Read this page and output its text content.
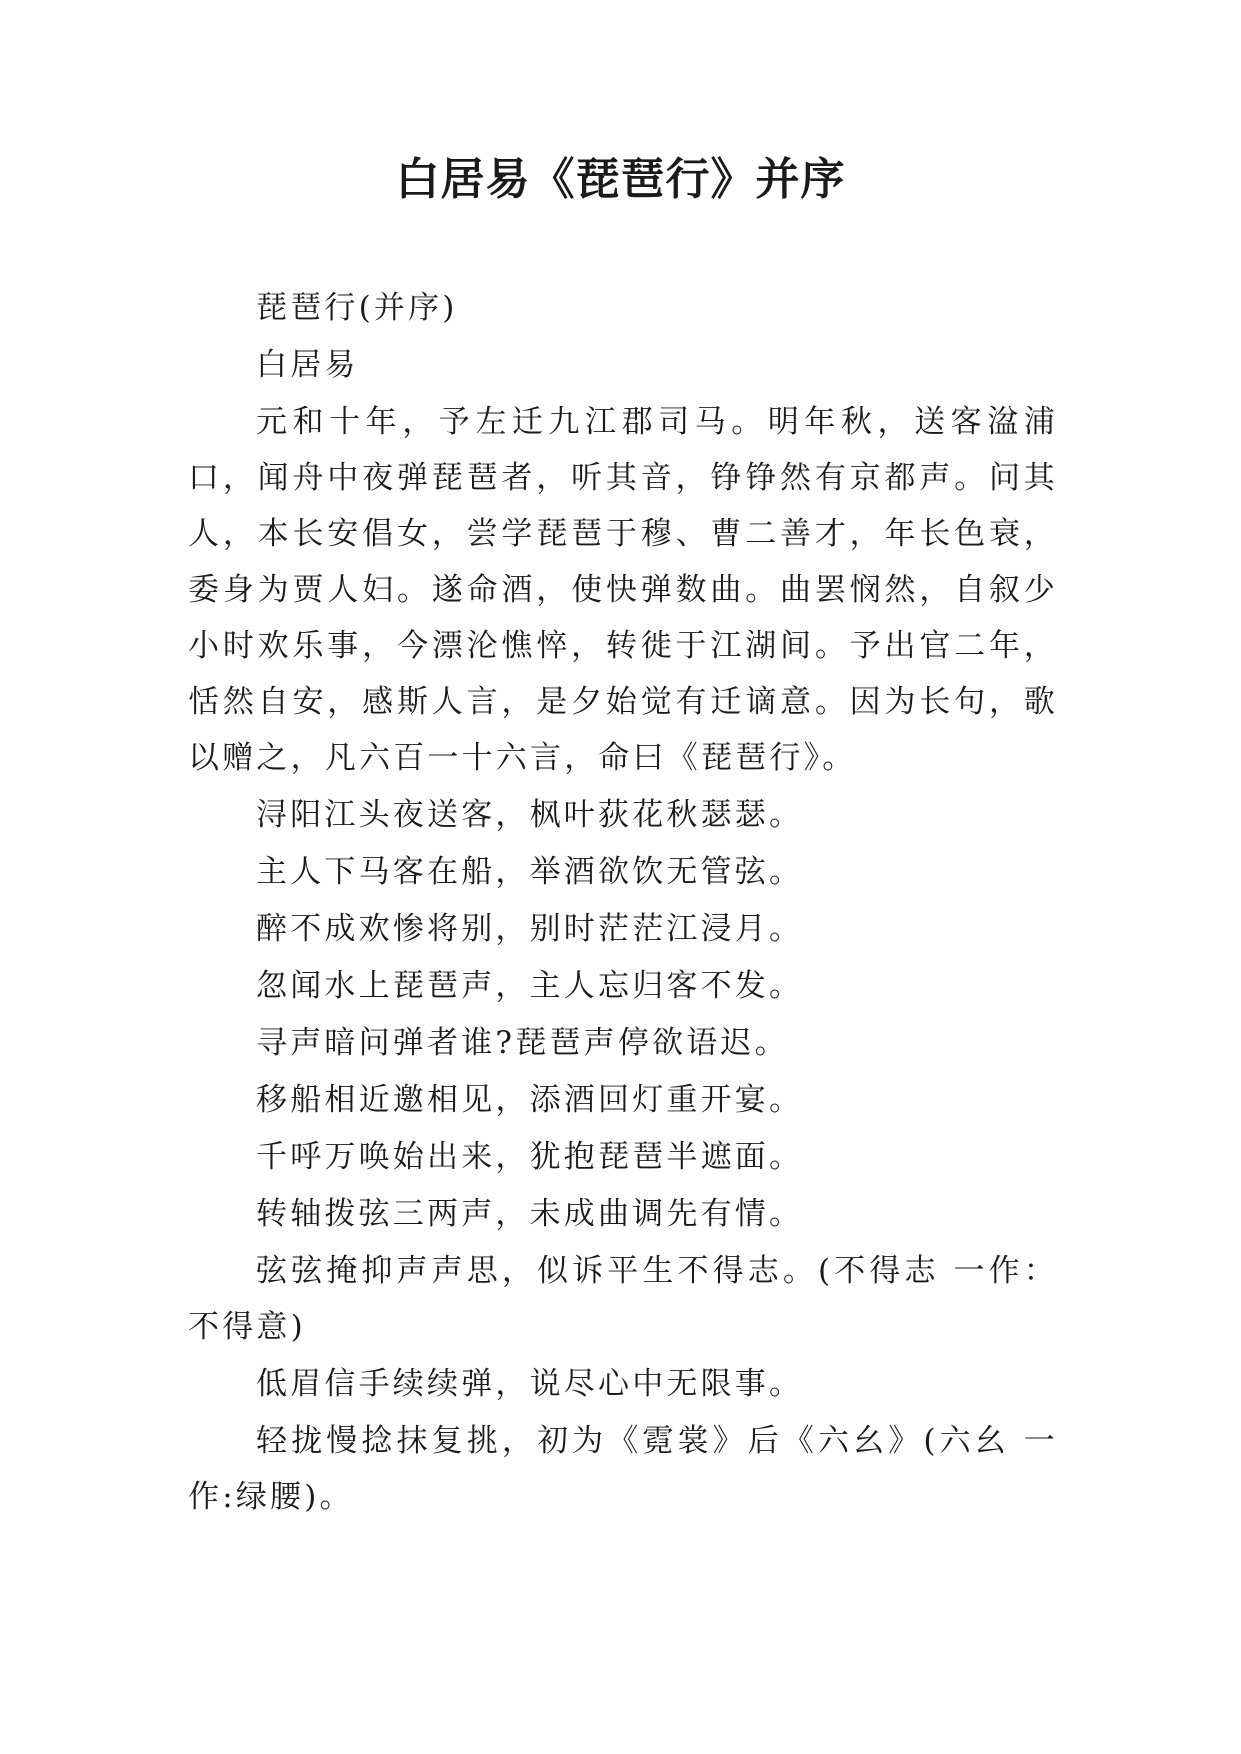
白居易《琵琶行》并序

琵琶行(并序)

白居易

元和十年，予左迁九江郡司马。明年秋，送客湓浦口，闻舟中夜弹琵琶者，听其音，铮铮然有京都声。问其人，本长安倡女，尝学琵琶于穆、曹二善才，年长色衰，委身为贾人妇。遂命酒，使快弹数曲。曲罢悯然，自叙少小时欢乐事，今漂沦憔悴，转徙于江湖间。予出官二年，恬然自安，感斯人言，是夕始觉有迁谪意。因为长句，歌以赠之，凡六百一十六言，命曰《琵琶行》。

浔阳江头夜送客，枫叶荻花秋瑟瑟。

主人下马客在船，举酒欲饮无管弦。

醉不成欢惨将别，别时茫茫江浸月。

忽闻水上琵琶声，主人忘归客不发。

寻声暗问弹者谁?琵琶声停欲语迟。

移船相近邀相见，添酒回灯重开宴。

千呼万唤始出来，犹抱琵琶半遮面。

转轴拨弦三两声，未成曲调先有情。

弦弦掩抑声声思，似诉平生不得志。(不得志 一作：不得意)

低眉信手续续弹，说尽心中无限事。

轻拢慢捻抹复挑，初为《霓裳》后《六幺》(六幺 一作:绿腰)。
